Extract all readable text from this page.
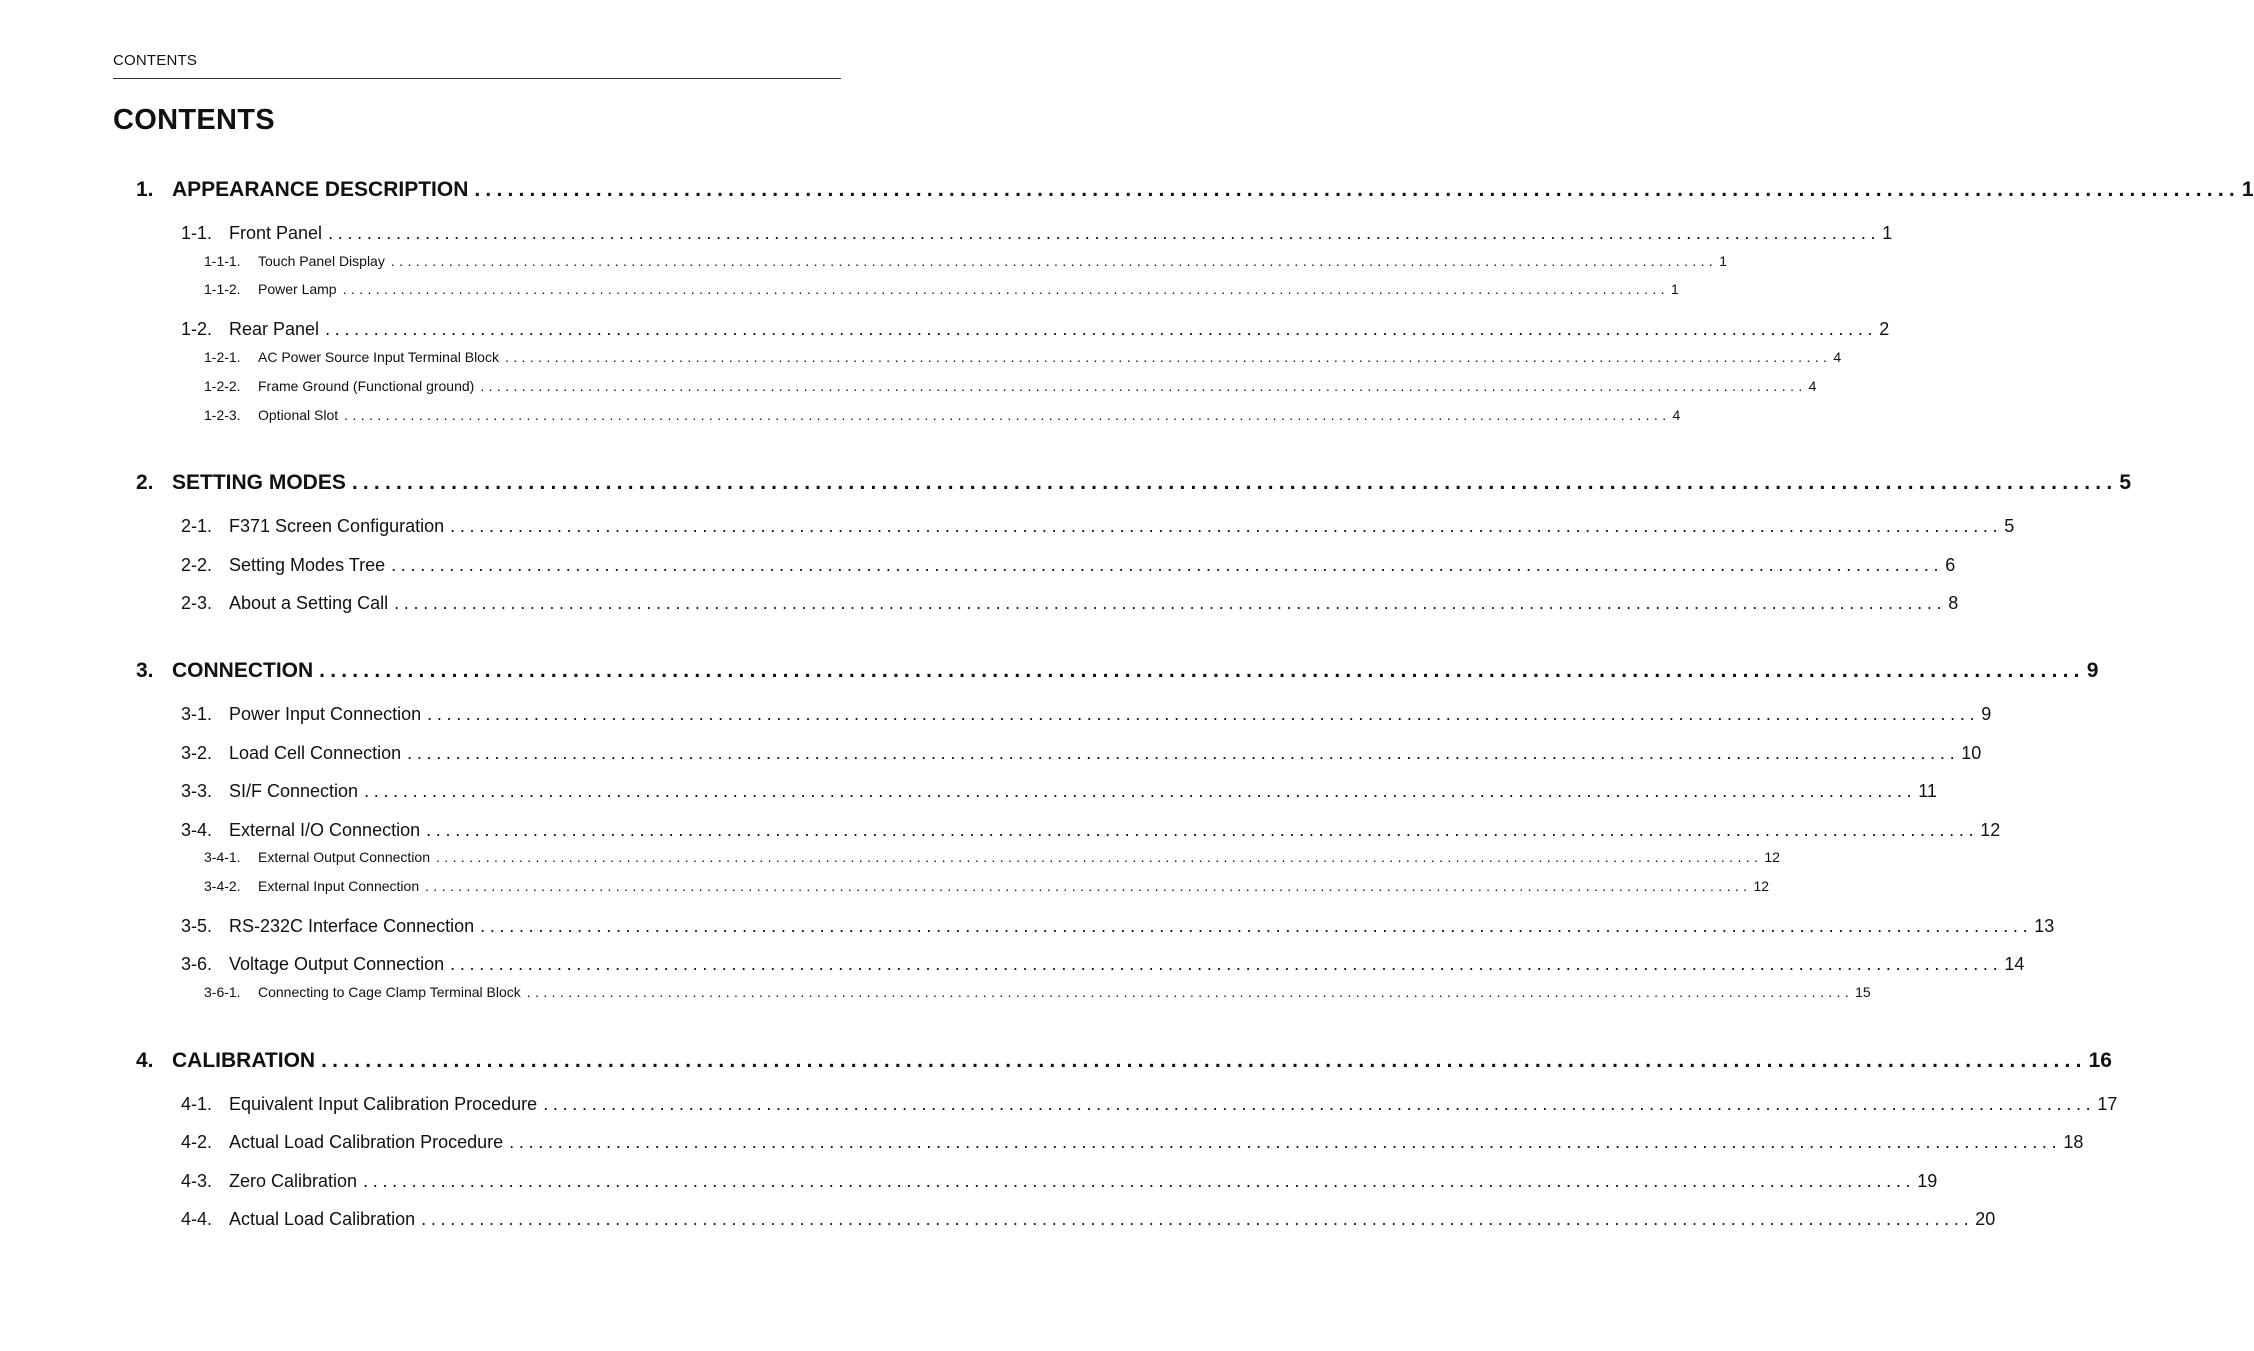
CONTENTS
CONTENTS
1. APPEARANCE DESCRIPTION ................................................................................................................................................................ 1
1-1. Front Panel ................................................................................................................................................................ 1
1-1-1.	Touch Panel Display ................................................................................................................................................................ 1
1-1-2.	Power Lamp ................................................................................................................................................................ 1
1-2. Rear Panel ................................................................................................................................................................ 2
1-2-1.	AC Power Source Input Terminal Block ................................................................................................................................................................ 4
1-2-2.	Frame Ground (Functional ground) ................................................................................................................................................................ 4
1-2-3.	Optional Slot ................................................................................................................................................................ 4
2. SETTING MODES ................................................................................................................................................................ 5
2-1. F371 Screen Configuration ................................................................................................................................................................ 5
2-2. Setting Modes Tree ................................................................................................................................................................ 6
2-3. About a Setting Call ................................................................................................................................................................ 8
3. CONNECTION ................................................................................................................................................................ 9
3-1. Power Input Connection ................................................................................................................................................................ 9
3-2. Load Cell Connection ................................................................................................................................................................ 10
3-3. SI/F Connection ................................................................................................................................................................ 11
3-4. External I/O Connection ................................................................................................................................................................ 12
3-4-1.	External Output Connection ................................................................................................................................................................ 12
3-4-2.	External Input Connection ................................................................................................................................................................ 12
3-5. RS-232C Interface Connection ................................................................................................................................................................ 13
3-6. Voltage Output Connection ................................................................................................................................................................ 14
3-6-1.	Connecting to Cage Clamp Terminal Block ................................................................................................................................................................ 15
4. CALIBRATION ................................................................................................................................................................ 16
4-1. Equivalent Input Calibration Procedure ................................................................................................................................................................ 17
4-2. Actual Load Calibration Procedure ................................................................................................................................................................ 18
4-3. Zero Calibration ................................................................................................................................................................ 19
4-4. Actual Load Calibration ................................................................................................................................................................ 20
